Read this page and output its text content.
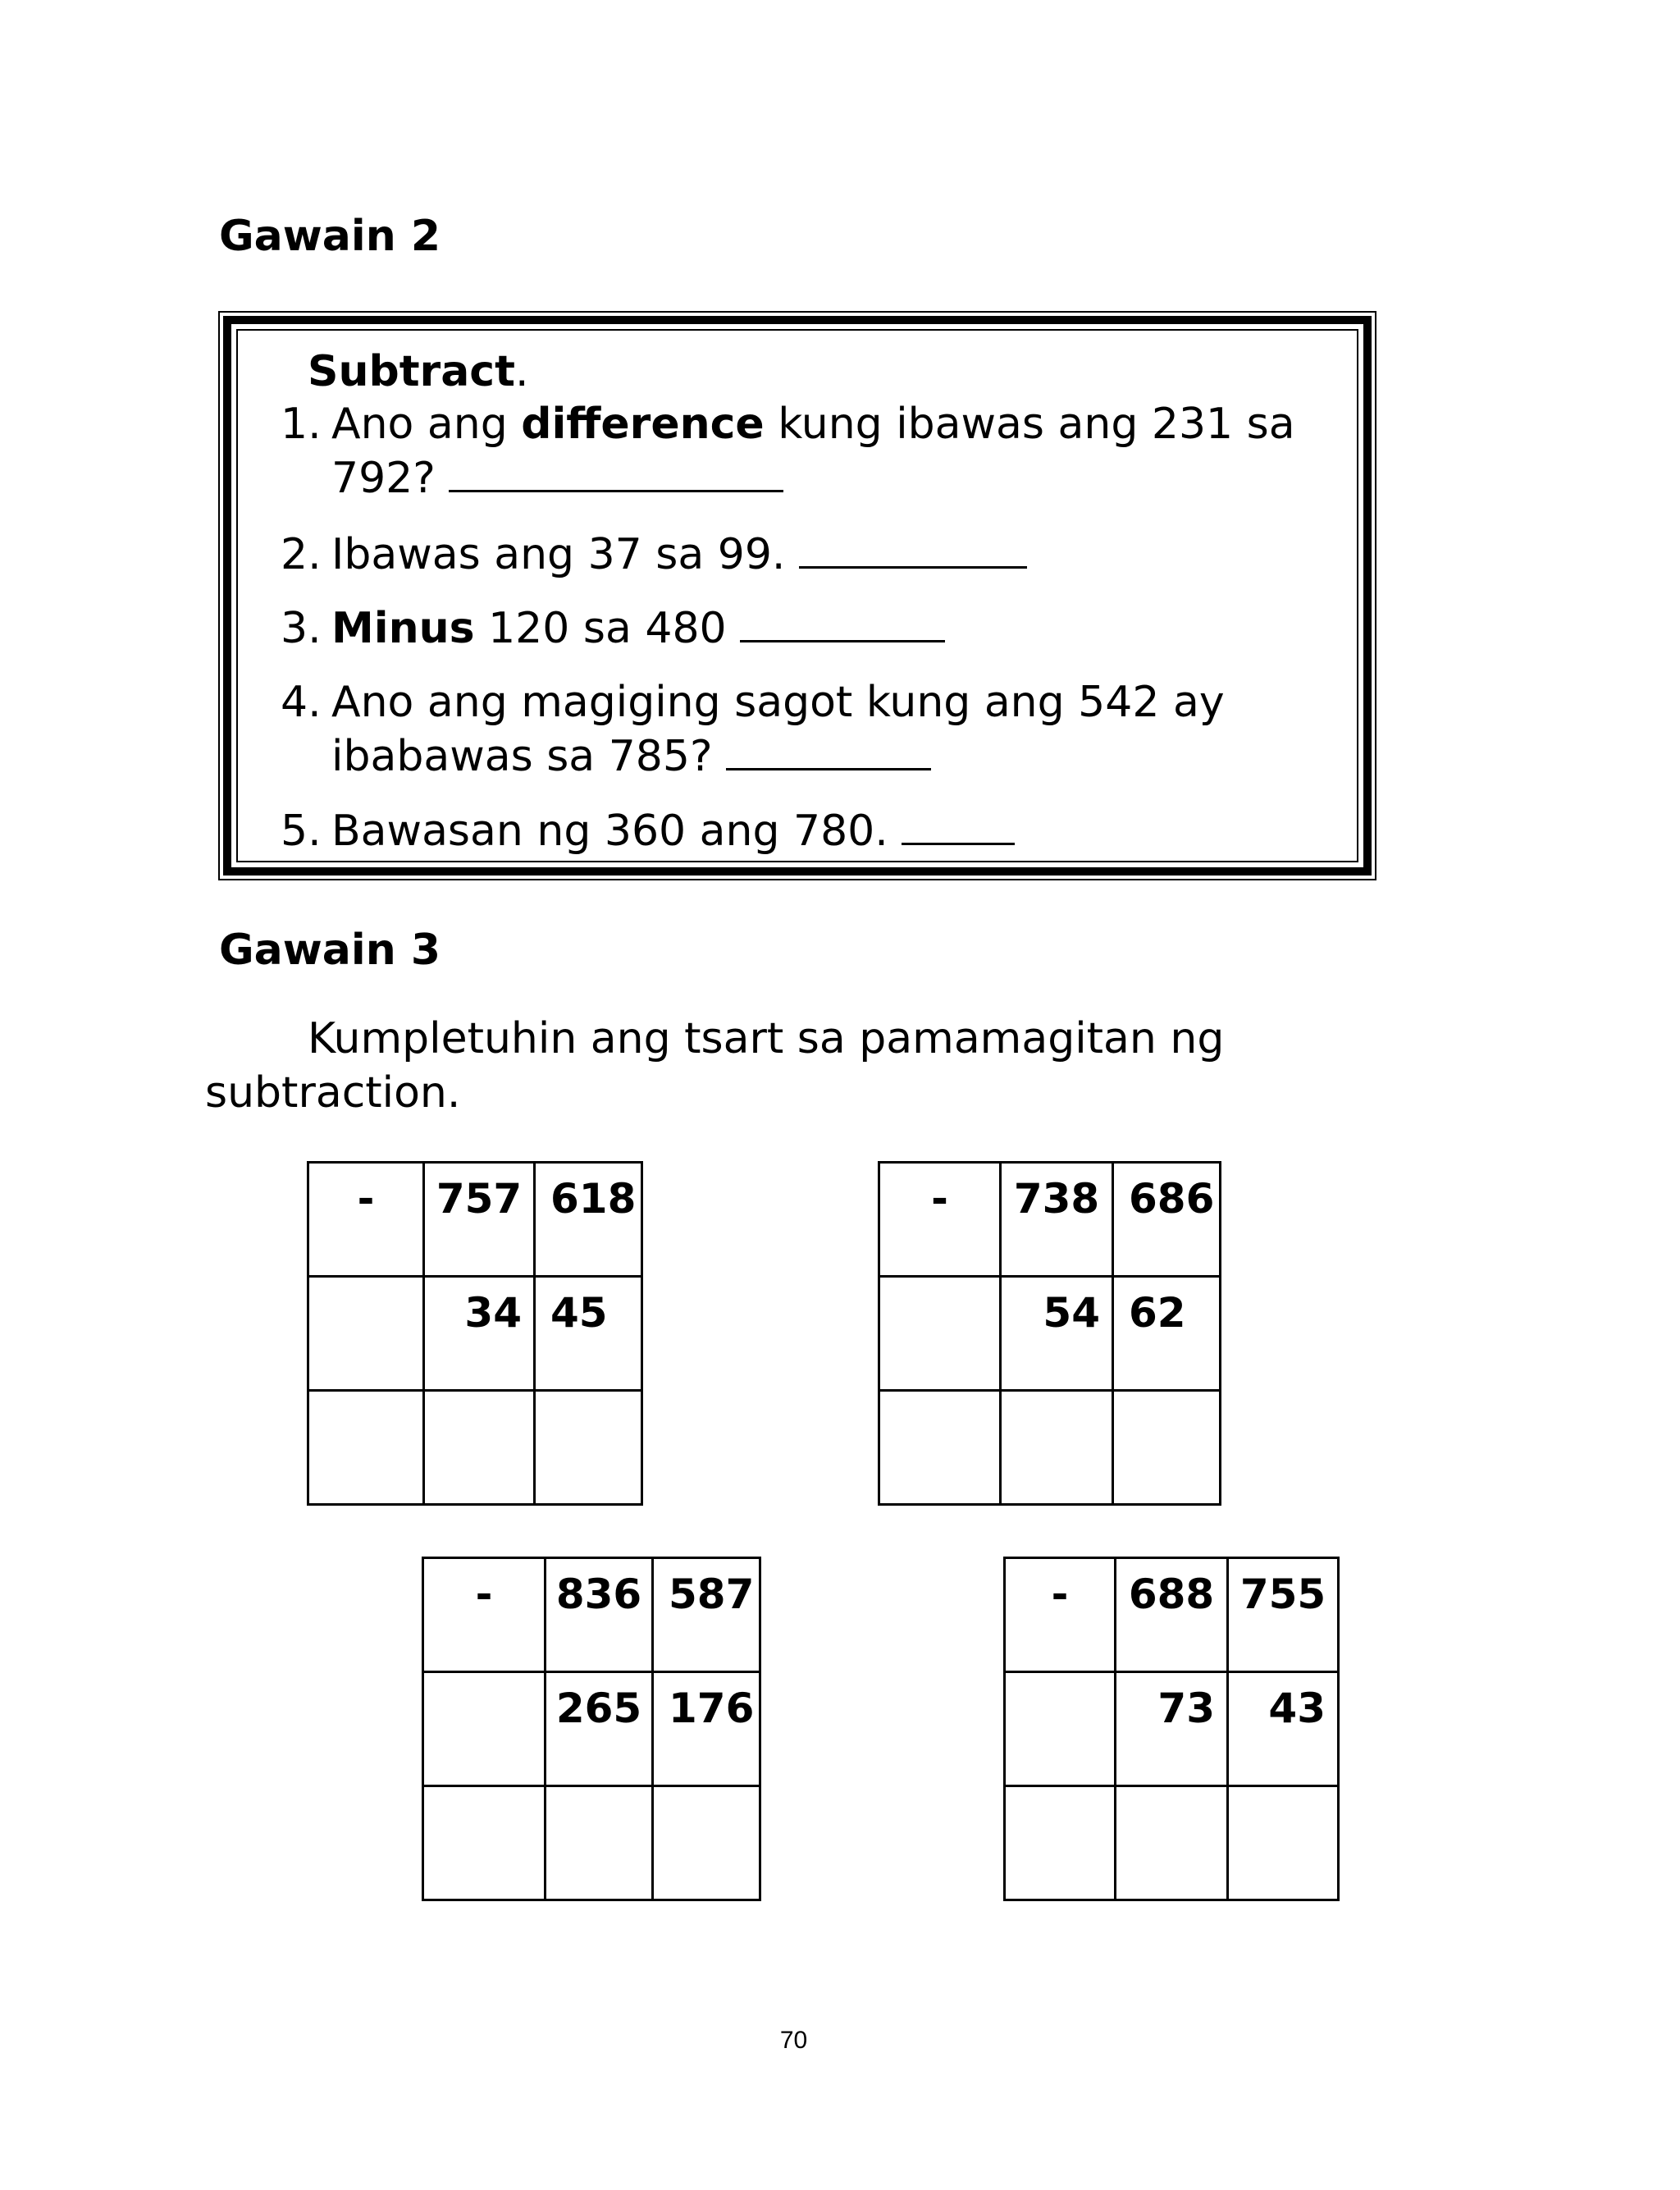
Gawain 2
Subtract.
1. Ano ang difference kung ibawas ang 231 sa
792?
2. Ibawas ang 37 sa 99.
3. Minus 120 sa 480
4. Ano ang magiging sagot kung ang 542 ay
ibabawas sa 785?
5. Bawasan ng 360 ang 780.
Gawain 3
Kumpletuhin ang tsart sa pamamagitan ng
subtraction.
-	757	618

	34	45

-	738	686

	54	62

-	836	587

	265	176

-	688	755

	73	43

70
